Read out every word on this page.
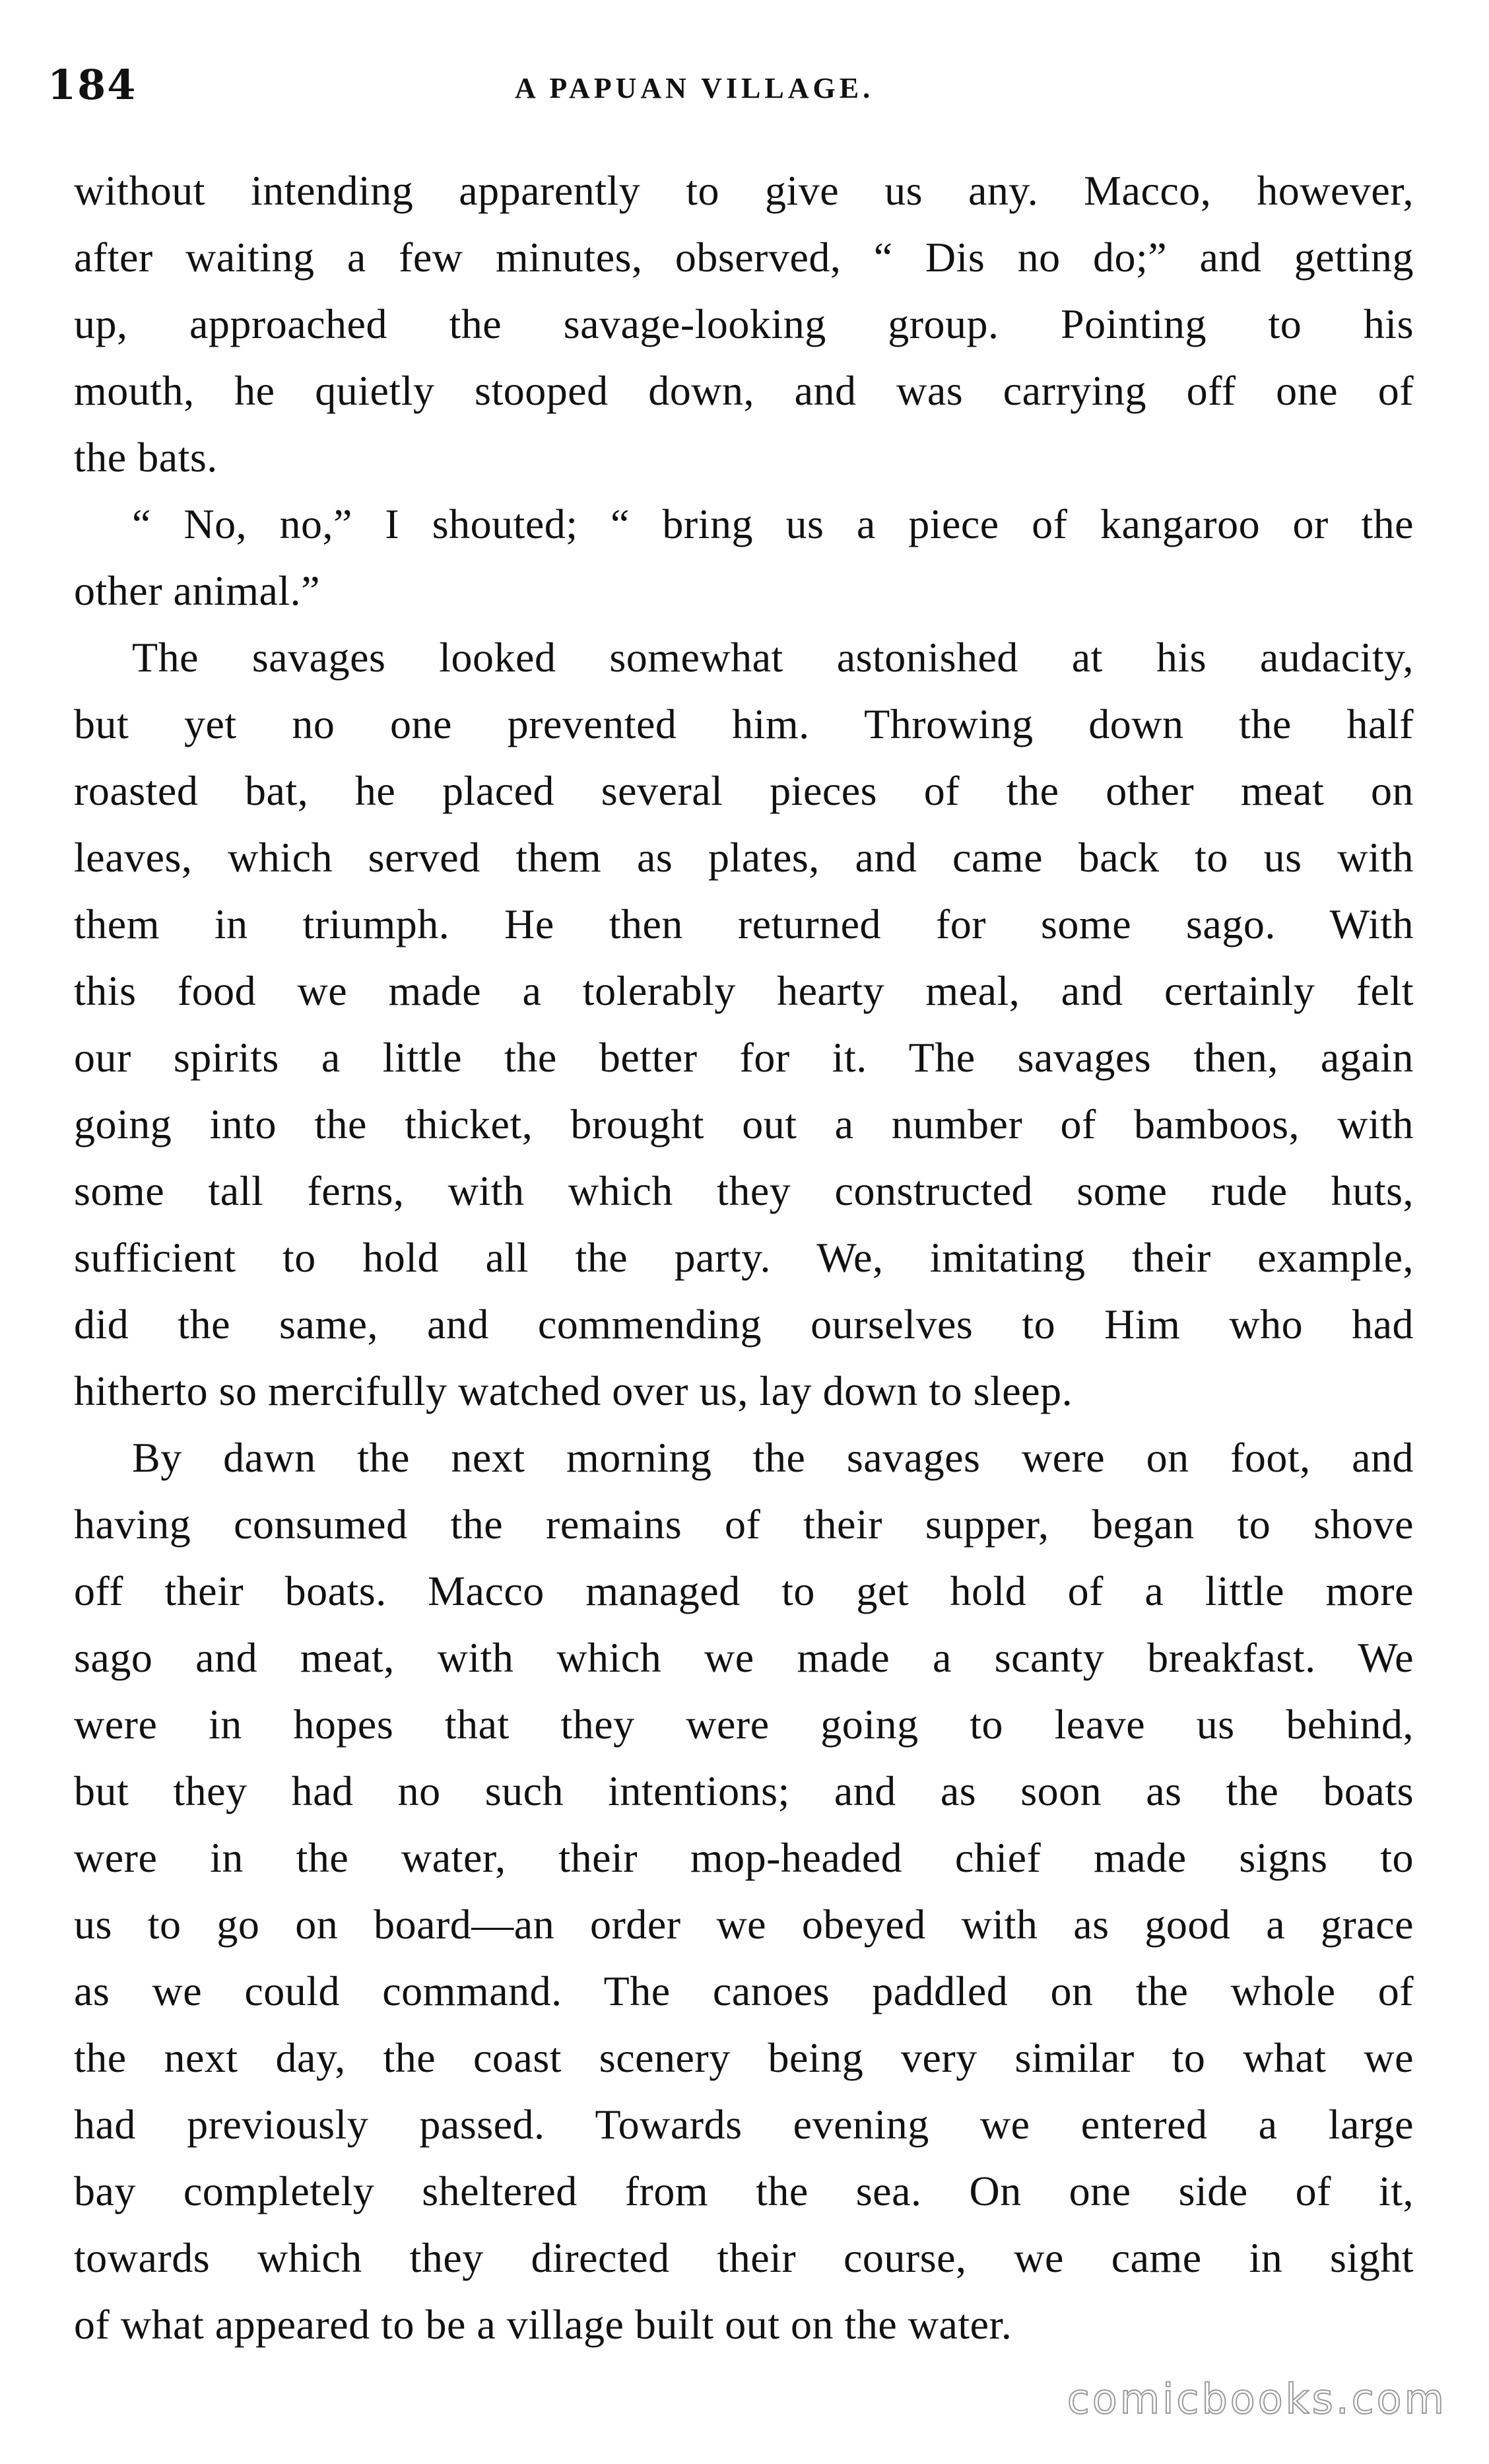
184	A PAPUAN VILLAGE.
without intending apparently to give us any. Macco, however,
after waiting a few minutes, observed, “ Dis no do;” and getting
up, approached the savage-looking group. Pointing to his
mouth, he quietly stooped down, and was carrying off one of
the bats.
“ No, no,” I shouted; “ bring us a piece of kangaroo or the
other animal.”
The savages looked somewhat astonished at his audacity,
but yet no one prevented him. Throwing down the half
roasted bat, he placed several pieces of the other meat on
leaves, which served them as plates, and came back to us with
them in triumph. He then returned for some sago. With
this food we made a tolerably hearty meal, and certainly felt
our spirits a little the better for it. The savages then, again
going into the thicket, brought out a number of bamboos, with
some tall ferns, with which they constructed some rude huts,
sufficient to hold all the party. We, imitating their example,
did the same, and commending ourselves to Him who had
hitherto so mercifully watched over us, lay down to sleep.
By dawn the next morning the savages were on foot, and
having consumed the remains of their supper, began to shove
off their boats. Macco managed to get hold of a little more
sago and meat, with which we made a scanty breakfast. We
were in hopes that they were going to leave us behind,
but they had no such intentions; and as soon as the boats
were in the water, their mop-headed chief made signs to
us to go on board—an order we obeyed with as good a grace
as we could command. The canoes paddled on the whole of
the next day, the coast scenery being very similar to what we
had previously passed. Towards evening we entered a large
bay completely sheltered from the sea. On one side of it,
towards which they directed their course, we came in sight
of what appeared to be a village built out on the water.
comicbooks.com
